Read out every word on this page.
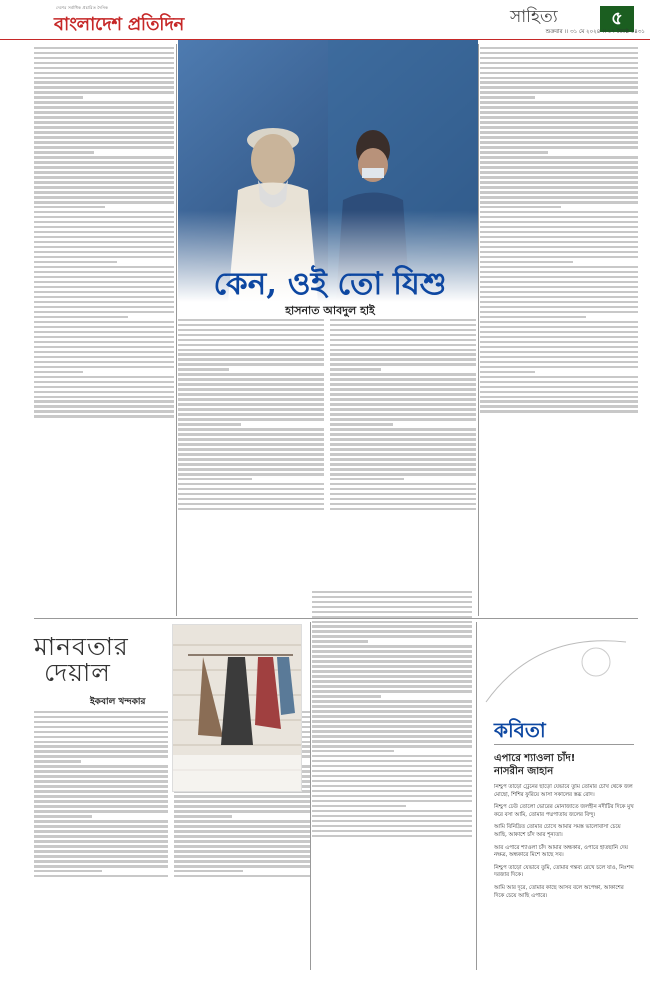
দেশের সর্বাধিক প্রচারিত দৈনিক
বাংলাদেশ প্রতিদিন	সাহিত্য	৫
শুক্রবার ।। ৩১ মে ২০২৪ ।। ১৭ জ্যৈষ্ঠ ১৪৩১
কেন, ওই তো যিশু
হাসনাত আবদুল হাই
মানবতার
দেয়াল
ইকবাল খন্দকার
কবিতা
এপারে শ্যাওলা চাঁদ!
নাসরীন জাহান
নিশ্চুপ তাড়ো ট্রেনের ছাড়ো যেভাবে তুমি তোমার চোখ থেকে জল মোছো, শিশির ফুরিয়ে আসা সকালের স্তব্ধ রোদ।
নিশ্চুপ ঢেউ তোলো ভোরের মোনাজাতে জলহীন নদীটির দিকে মুখ করে বসা আমি, তোমার পদ্মপাতায় জলের বিন্দু।
আমি বিনিদ্রিত তোমার চোখে আমার সমস্ত ভালোবাসা চেয়ে আছি, আকাশে চাঁদ আর শূন্যতা।
আর এপারে শ্যাওলা চাঁদ আমার অন্ধকার, ওপারে হাতছানি দেয় নক্ষত্র, অন্ধকারে মিশে আছে সব।
নিশ্চুপ তাড়ো যেভাবে তুমি, তোমার গন্তব্য রেখে চলে যাও, নিঃশব্দ দরজার দিকে।
আমি আর দূরে, তোমার কাছে আসব বলে অপেক্ষা, আকাশের দিকে চেয়ে আছি এপারে।
